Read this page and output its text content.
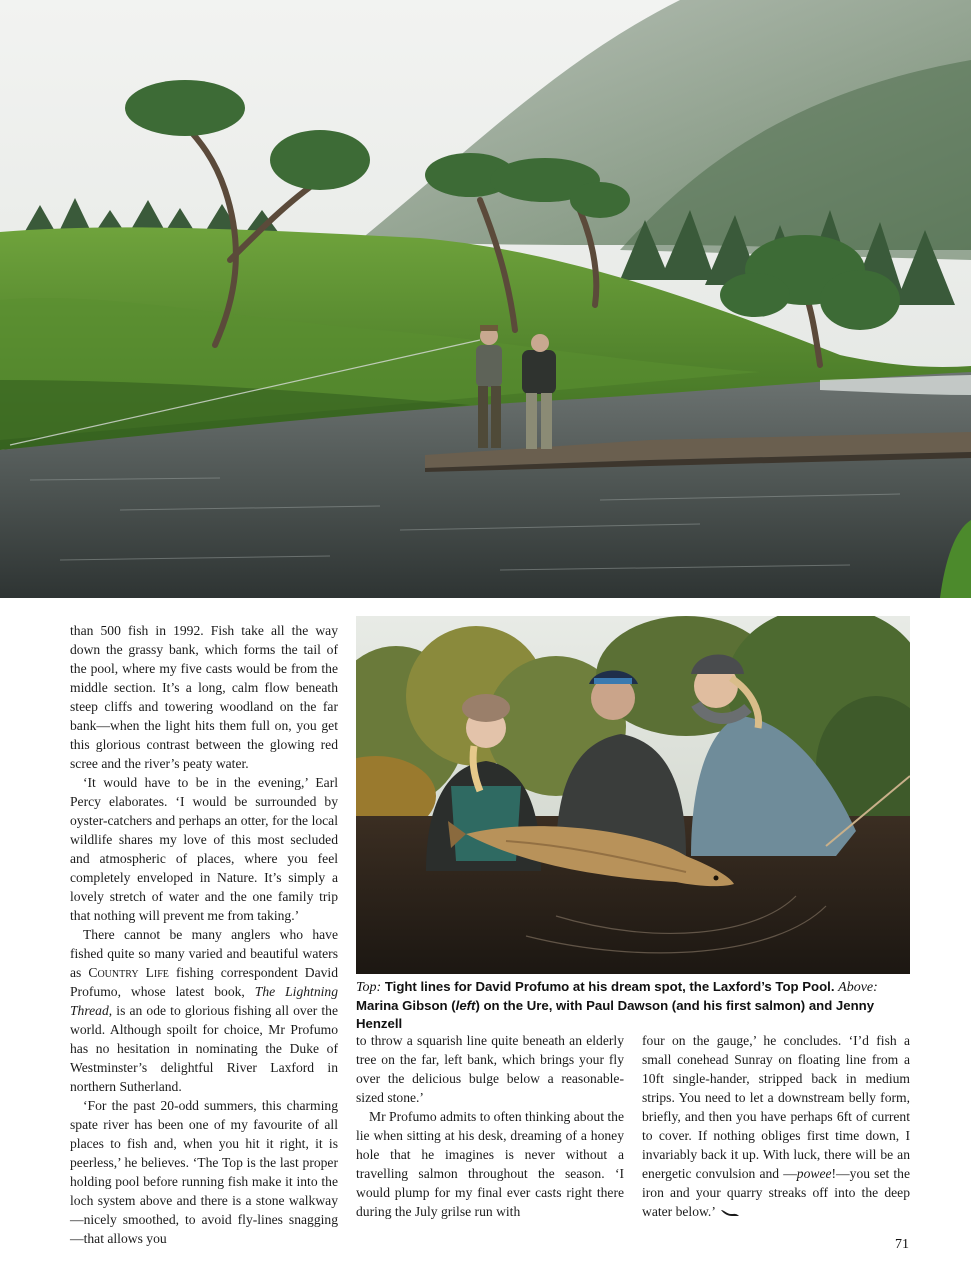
Top: Tight lines for David Profumo at his dream spot, the Laxford’s Top Pool. Above: Marina Gibson (left) on the Ure, with Paul Dawson (and his first salmon) and Jenny Henzell

than 500 fish in 1992. Fish take all the way down the grassy bank, which forms the tail of the pool, where my five casts would be from the middle section. It’s a long, calm flow beneath steep cliffs and towering woodland on the far bank—when the light hits them full on, you get this glorious contrast between the glowing red scree and the river’s peaty water.

‘It would have to be in the evening,’ Earl Percy elaborates. ‘I would be surrounded by oyster-catchers and perhaps an otter, for the local wildlife shares my love of this most secluded and atmospheric of places, where you feel completely enveloped in Nature. It’s simply a lovely stretch of water and the one family trip that nothing will prevent me from taking.’

There cannot be many anglers who have fished quite so many varied and beautiful waters as Country Life fishing correspondent David Profumo, whose latest book, The Lightning Thread, is an ode to glorious fishing all over the world. Although spoilt for choice, Mr Profumo has no hesitation in nominating the Duke of Westminster’s delightful River Laxford in northern Sutherland.

‘For the past 20-odd summers, this charming spate river has been one of my favourite of all places to fish and, when you hit it right, it is peerless,’ he believes. ‘The Top is the last proper holding pool before running fish make it into the loch system above and there is a stone walkway—nicely smoothed, to avoid fly-lines snagging—that allows you

to throw a squarish line quite beneath an elderly tree on the far, left bank, which brings your fly over the delicious bulge below a reasonable-sized stone.’

Mr Profumo admits to often thinking about the lie when sitting at his desk, dreaming of a honey hole that he imagines is never without a travelling salmon throughout the season. ‘I would plump for my final ever casts right there during the July grilse run with

four on the gauge,’ he concludes. ‘I’d fish a small conehead Sunray on floating line from a 10ft single-hander, stripped back in medium strips. You need to let a downstream belly form, briefly, and then you have perhaps 6ft of current to cover. If nothing obliges first time down, I invariably back it up. With luck, there will be an energetic convulsion and —powee!—you set the iron and your quarry streaks off into the deep water below.’

71
